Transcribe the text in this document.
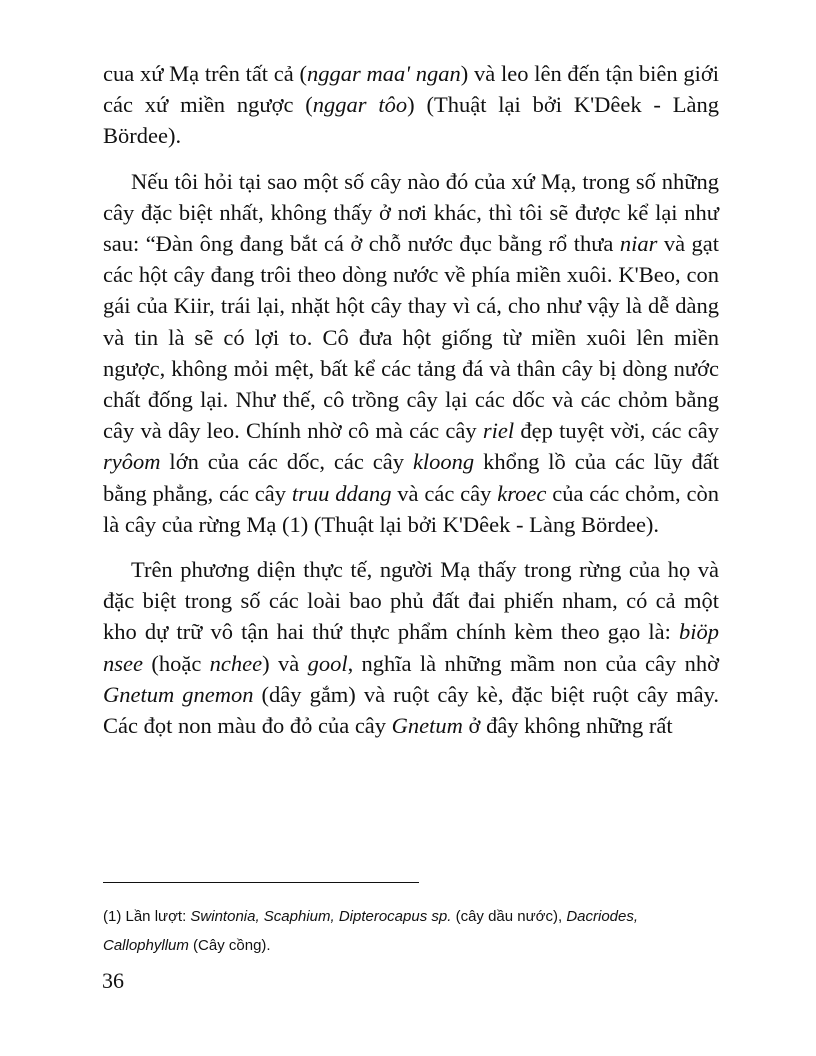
cua xứ Mạ trên tất cả (nggar maa' ngan) và leo lên đến tận biên giới các xứ miền ngược (nggar tôo) (Thuật lại bởi K'Dêek - Làng Bördee).

Nếu tôi hỏi tại sao một số cây nào đó của xứ Mạ, trong số những cây đặc biệt nhất, không thấy ở nơi khác, thì tôi sẽ được kể lại như sau: “Đàn ông đang bắt cá ở chỗ nước đục bằng rổ thưa niar và gạt các hột cây đang trôi theo dòng nước về phía miền xuôi. K'Beo, con gái của Kiir, trái lại, nhặt hột cây thay vì cá, cho như vậy là dễ dàng và tin là sẽ có lợi to. Cô đưa hột giống từ miền xuôi lên miền ngược, không mỏi mệt, bất kể các tảng đá và thân cây bị dòng nước chất đống lại. Như thế, cô trồng cây lại các dốc và các chỏm bằng cây và dây leo. Chính nhờ cô mà các cây riel đẹp tuyệt vời, các cây ryôom lớn của các dốc, các cây kloong khổng lồ của các lũy đất bằng phẳng, các cây truu ddang và các cây kroec của các chỏm, còn là cây của rừng Mạ (1) (Thuật lại bởi K'Dêek - Làng Bördee).

Trên phương diện thực tế, người Mạ thấy trong rừng của họ và đặc biệt trong số các loài bao phủ đất đai phiến nham, có cả một kho dự trữ vô tận hai thứ thực phẩm chính kèm theo gạo là: biöp nsee (hoặc nchee) và gool, nghĩa là những mầm non của cây nhờ Gnetum gnemon (dây gắm) và ruột cây kè, đặc biệt ruột cây mây. Các đọt non màu đo đỏ của cây Gnetum ở đây không những rất

(1) Lần lượt: Swintonia, Scaphium, Dipterocapus sp. (cây dầu nước), Dacriodes, Callophyllum (Cây cồng).

36
